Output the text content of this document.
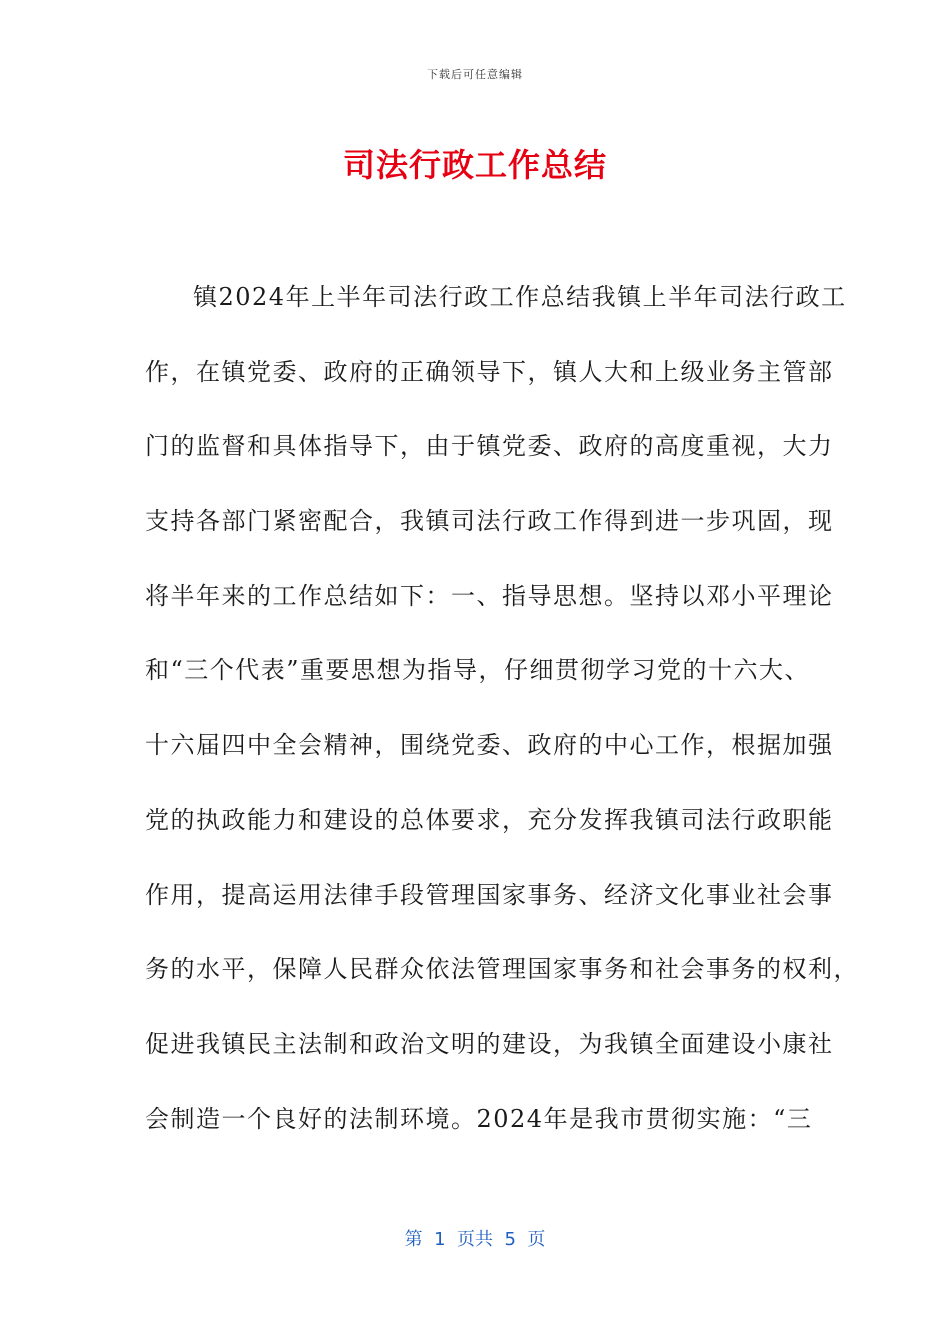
下载后可任意编辑
司法行政工作总结
镇2024年上半年司法行政工作总结我镇上半年司法行政工
作，在镇党委、政府的正确领导下，镇人大和上级业务主管部
门的监督和具体指导下，由于镇党委、政府的高度重视，大力
支持各部门紧密配合，我镇司法行政工作得到进一步巩固，现
将半年来的工作总结如下：一、指导思想。坚持以邓小平理论
和“三个代表”重要思想为指导，仔细贯彻学习党的十六大、
十六届四中全会精神，围绕党委、政府的中心工作，根据加强
党的执政能力和建设的总体要求，充分发挥我镇司法行政职能
作用，提高运用法律手段管理国家事务、经济文化事业社会事
务的水平，保障人民群众依法管理国家事务和社会事务的权利，
促进我镇民主法制和政治文明的建设，为我镇全面建设小康社
会制造一个良好的法制环境。2024年是我市贯彻实施：“三
第  1  页共  5  页
